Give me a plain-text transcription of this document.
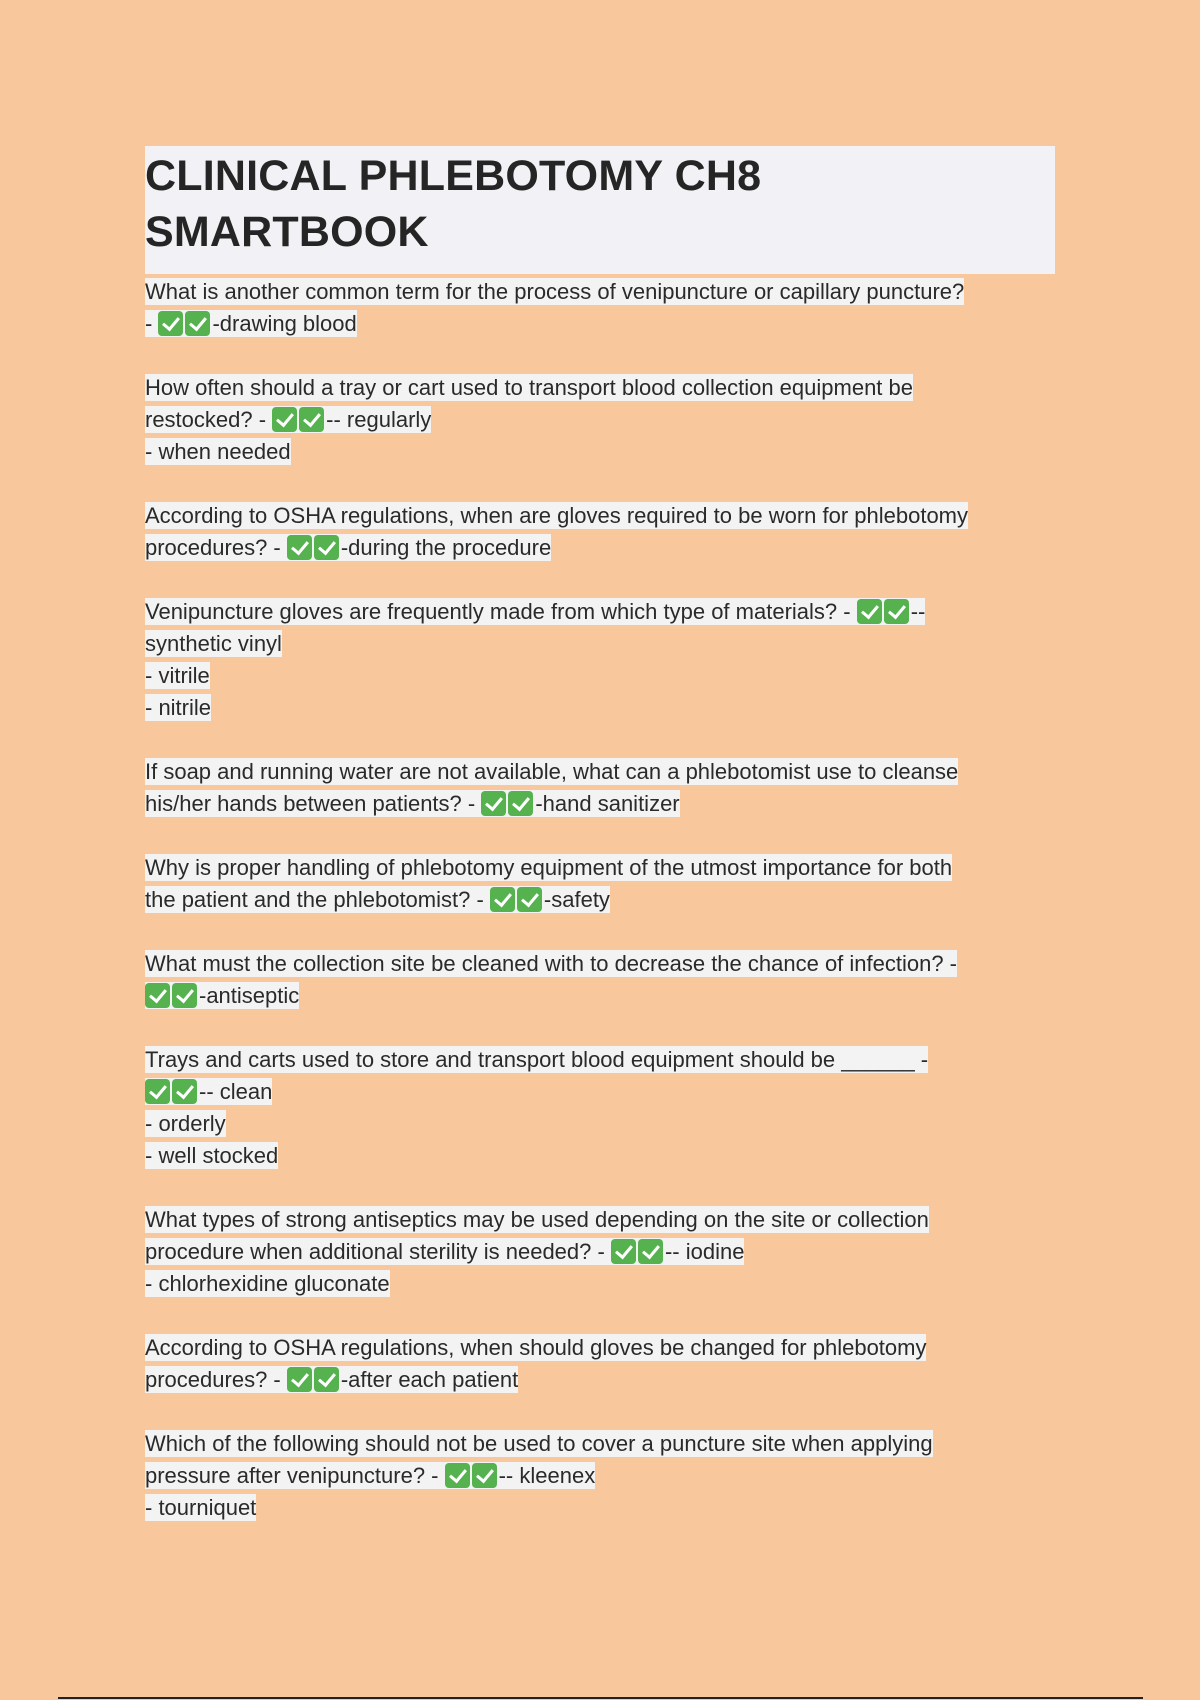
CLINICAL PHLEBOTOMY CH8
SMARTBOOK
What is another common term for the process of venipuncture or capillary puncture?
- -drawing blood
How often should a tray or cart used to transport blood collection equipment be
restocked? - -- regularly
- when needed
According to OSHA regulations, when are gloves required to be worn for phlebotomy
procedures? - -during the procedure
Venipuncture gloves are frequently made from which type of materials? - --
synthetic vinyl
- vitrile
- nitrile
If soap and running water are not available, what can a phlebotomist use to cleanse
his/her hands between patients? - -hand sanitizer
Why is proper handling of phlebotomy equipment of the utmost importance for both
the patient and the phlebotomist? - -safety
What must the collection site be cleaned with to decrease the chance of infection? -
-antiseptic
Trays and carts used to store and transport blood equipment should be ______ -
-- clean
- orderly
- well stocked
What types of strong antiseptics may be used depending on the site or collection
procedure when additional sterility is needed? - -- iodine
- chlorhexidine gluconate
According to OSHA regulations, when should gloves be changed for phlebotomy
procedures? - -after each patient
Which of the following should not be used to cover a puncture site when applying
pressure after venipuncture? - -- kleenex
- tourniquet
